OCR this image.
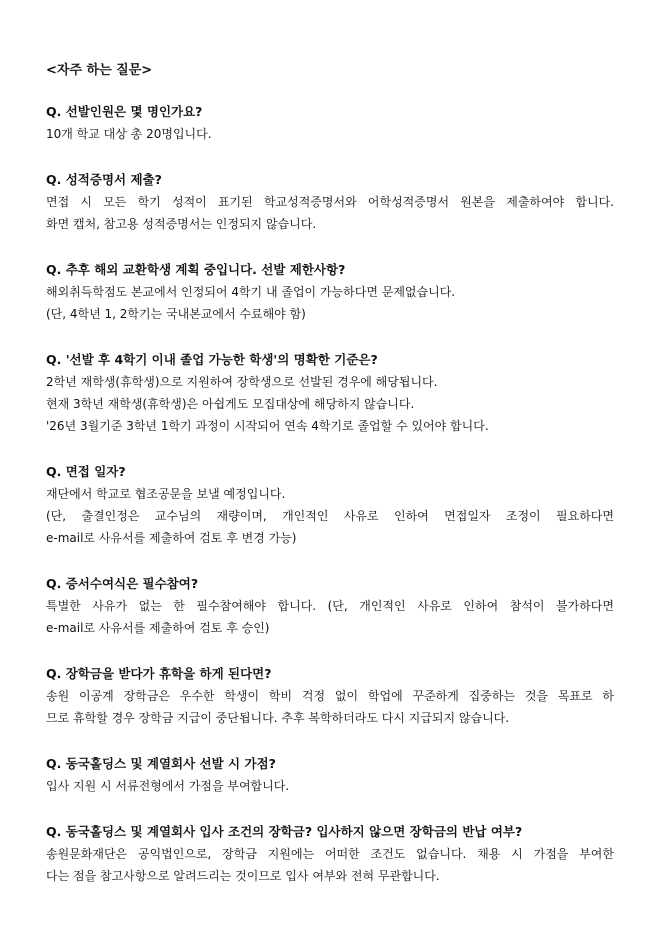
<자주 하는 질문>

Q. 선발인원은 몇 명인가요?

10개 학교 대상 총 20명입니다.

Q. 성적증명서 제출?

면접 시 모든 학기 성적이 표기된 학교성적증명서와 어학성적증명서 원본을 제출하여야 합니다.

화면 캡처, 참고용 성적증명서는 인정되지 않습니다.

Q. 추후 해외 교환학생 계획 중입니다. 선발 제한사항?

해외취득학점도 본교에서 인정되어 4학기 내 졸업이 가능하다면 문제없습니다.

(단, 4학년 1, 2학기는 국내본교에서 수료해야 함)

Q. '선발 후 4학기 이내 졸업 가능한 학생'의 명확한 기준은?

2학년 재학생(휴학생)으로 지원하여 장학생으로 선발된 경우에 해당됩니다.

현재 3학년 재학생(휴학생)은 아쉽게도 모집대상에 해당하지 않습니다.

'26년 3월기준 3학년 1학기 과정이 시작되어 연속 4학기로 졸업할 수 있어야 합니다.

Q. 면접 일자?

재단에서 학교로 협조공문을 보낼 예정입니다.

(단, 출결인정은 교수님의 재량이며, 개인적인 사유로 인하여 면접일자 조정이 필요하다면

e-mail로 사유서를 제출하여 검토 후 변경 가능)

Q. 증서수여식은 필수참여?

특별한 사유가 없는 한 필수참여해야 합니다. (단, 개인적인 사유로 인하여 참석이 불가하다면

e-mail로 사유서를 제출하여 검토 후 승인)

Q. 장학금을 받다가 휴학을 하게 된다면?

송원 이공계 장학금은 우수한 학생이 학비 걱정 없이 학업에 꾸준하게 집중하는 것을 목표로 하

므로 휴학할 경우 장학금 지급이 중단됩니다. 추후 복학하더라도 다시 지급되지 않습니다.

Q. 동국홀딩스 및 계열회사 선발 시 가점?

입사 지원 시 서류전형에서 가점을 부여합니다.

Q. 동국홀딩스 및 계열회사 입사 조건의 장학금? 입사하지 않으면 장학금의 반납 여부?

송원문화재단은 공익법인으로, 장학금 지원에는 어떠한 조건도 없습니다. 채용 시 가점을 부여한

다는 점을 참고사항으로 알려드리는 것이므로 입사 여부와 전혀 무관합니다.
